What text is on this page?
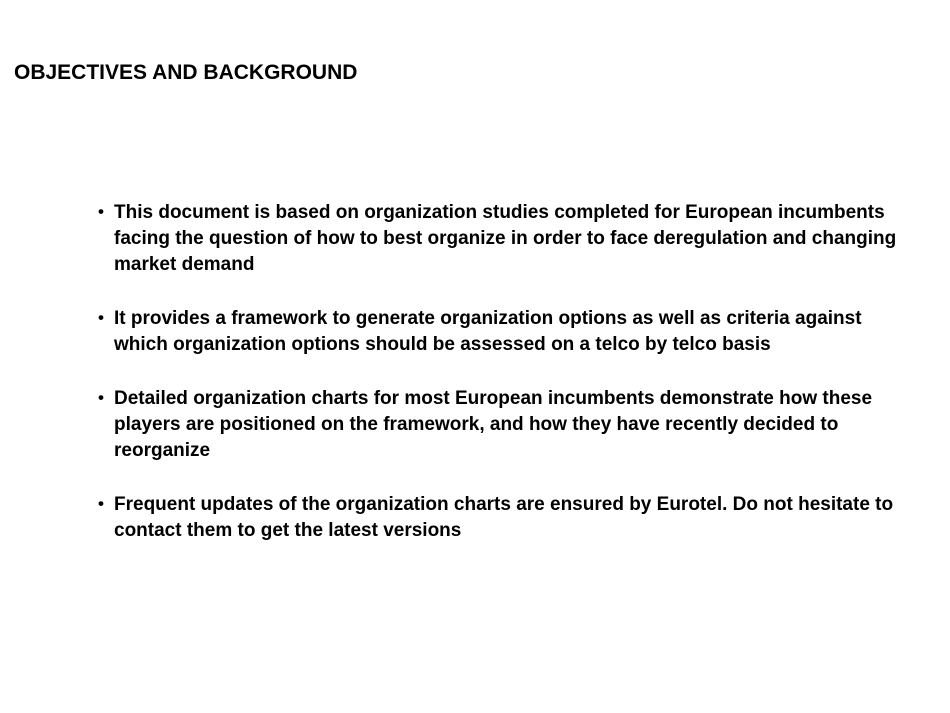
OBJECTIVES AND BACKGROUND
• This document is based on organization studies completed for European incumbents facing the question of how to best organize in order to face deregulation and changing market demand
• It provides a framework to generate organization options as well as criteria against which organization options should be assessed on a telco by telco basis
• Detailed organization charts for most European incumbents demonstrate how these players are positioned on the framework, and how they have recently decided to reorganize
• Frequent updates of the organization charts are ensured by Eurotel. Do not hesitate to contact them to get the latest versions
